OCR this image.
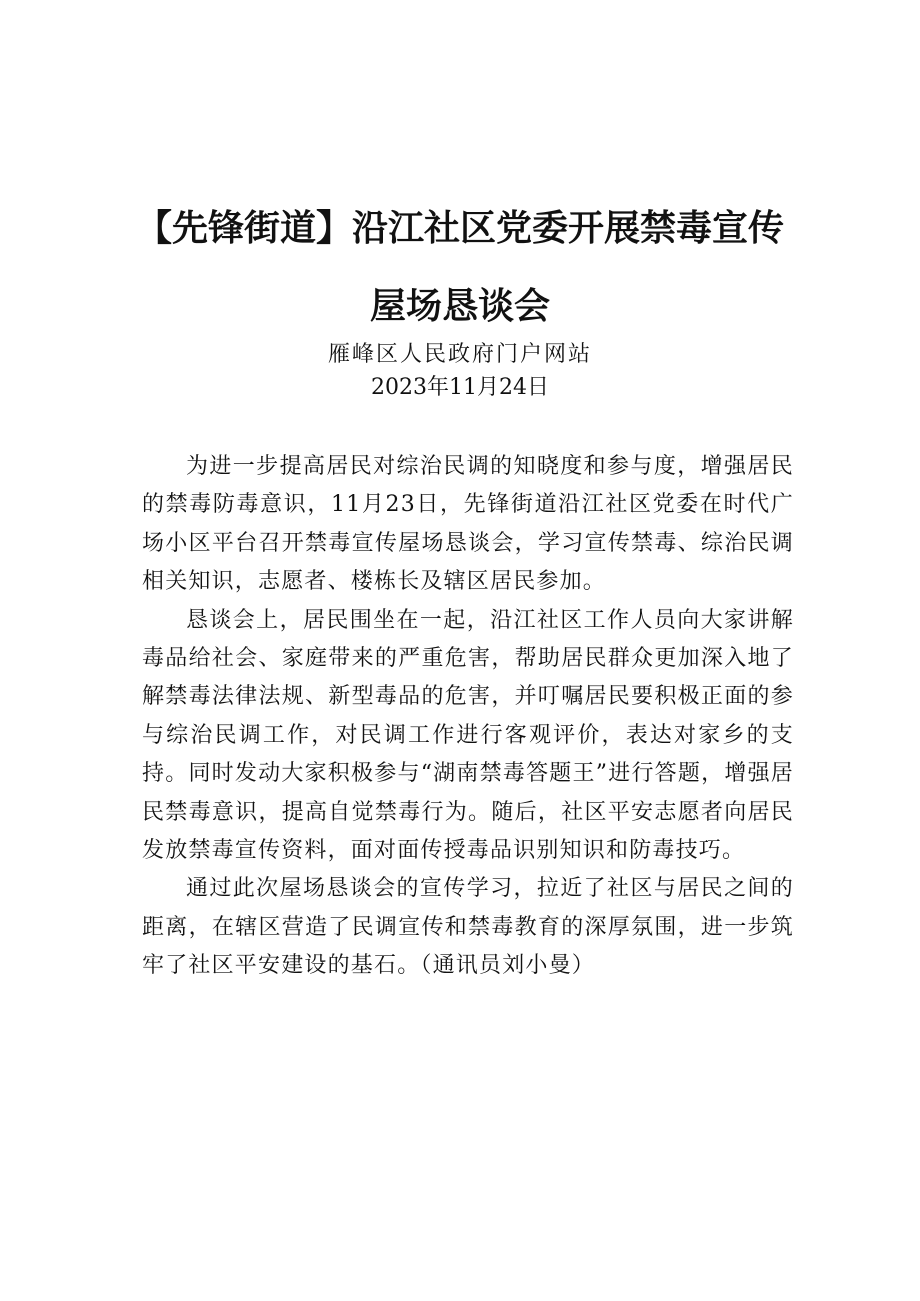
【先锋街道】沿江社区党委开展禁毒宣传
屋场恳谈会
雁峰区人民政府门户网站
2023年11月24日

为进一步提高居民对综治民调的知晓度和参与度，增强居民的禁毒防毒意识，11月23日，先锋街道沿江社区党委在时代广场小区平台召开禁毒宣传屋场恳谈会，学习宣传禁毒、综治民调相关知识，志愿者、楼栋长及辖区居民参加。

恳谈会上，居民围坐在一起，沿江社区工作人员向大家讲解毒品给社会、家庭带来的严重危害，帮助居民群众更加深入地了解禁毒法律法规、新型毒品的危害，并叮嘱居民要积极正面的参与综治民调工作，对民调工作进行客观评价，表达对家乡的支持。同时发动大家积极参与“湖南禁毒答题王”进行答题，增强居民禁毒意识，提高自觉禁毒行为。随后，社区平安志愿者向居民发放禁毒宣传资料，面对面传授毒品识别知识和防毒技巧。

通过此次屋场恳谈会的宣传学习，拉近了社区与居民之间的距离，在辖区营造了民调宣传和禁毒教育的深厚氛围，进一步筑牢了社区平安建设的基石。（通讯员刘小曼）
